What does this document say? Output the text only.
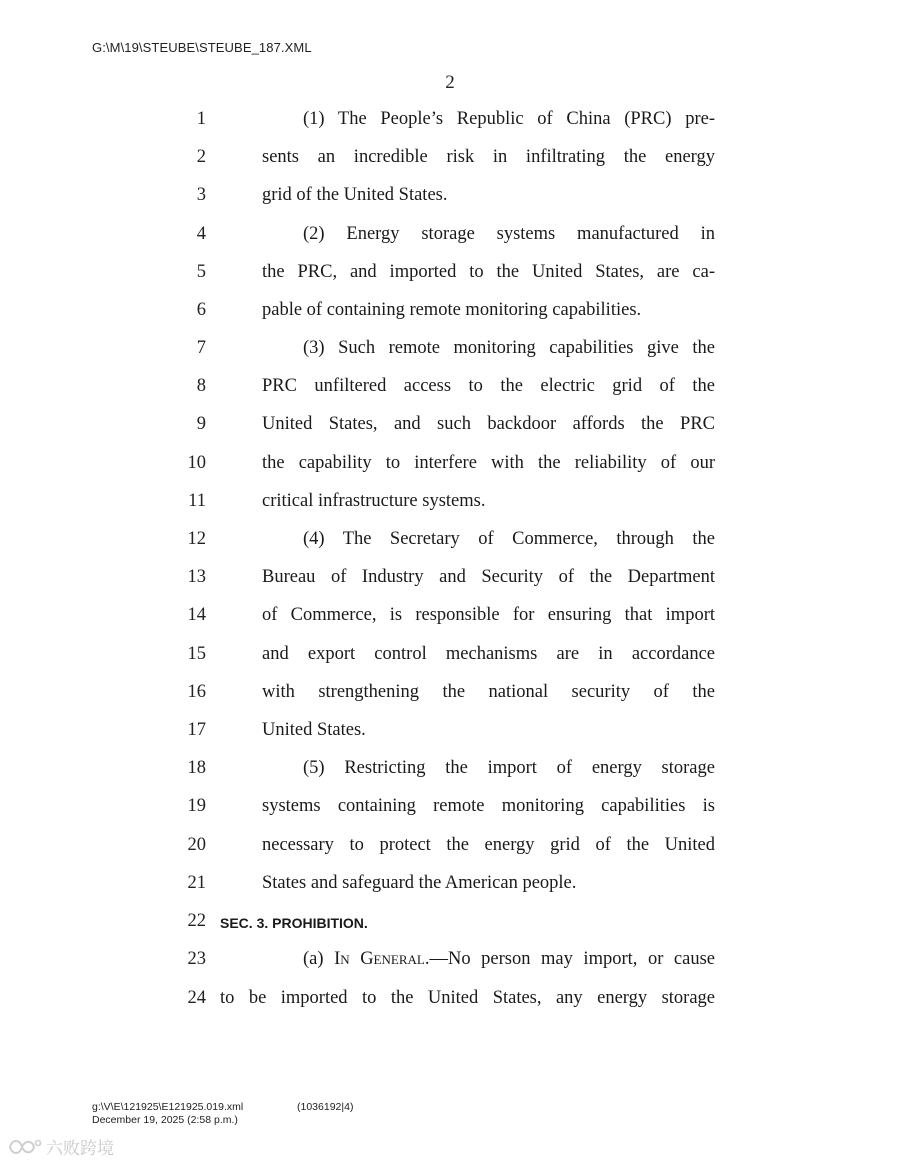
G:\M\19\STEUBE\STEUBE_187.XML
2
1	(1) The People’s Republic of China (PRC) pre-
2	sents an incredible risk in infiltrating the energy
3	grid of the United States.
4	(2) Energy storage systems manufactured in
5	the PRC, and imported to the United States, are ca-
6	pable of containing remote monitoring capabilities.
7	(3) Such remote monitoring capabilities give the
8	PRC unfiltered access to the electric grid of the
9	United States, and such backdoor affords the PRC
10	the capability to interfere with the reliability of our
11	critical infrastructure systems.
12	(4) The Secretary of Commerce, through the
13	Bureau of Industry and Security of the Department
14	of Commerce, is responsible for ensuring that import
15	and export control mechanisms are in accordance
16	with strengthening the national security of the
17	United States.
18	(5) Restricting the import of energy storage
19	systems containing remote monitoring capabilities is
20	necessary to protect the energy grid of the United
21	States and safeguard the American people.
22 SEC. 3. PROHIBITION.
23	(a) In General.—No person may import, or cause
24 to be imported to the United States, any energy storage
g:\V\E\121925\E121925.019.xml	(1036192|4)
December 19, 2025 (2:58 p.m.)
六败跨境
